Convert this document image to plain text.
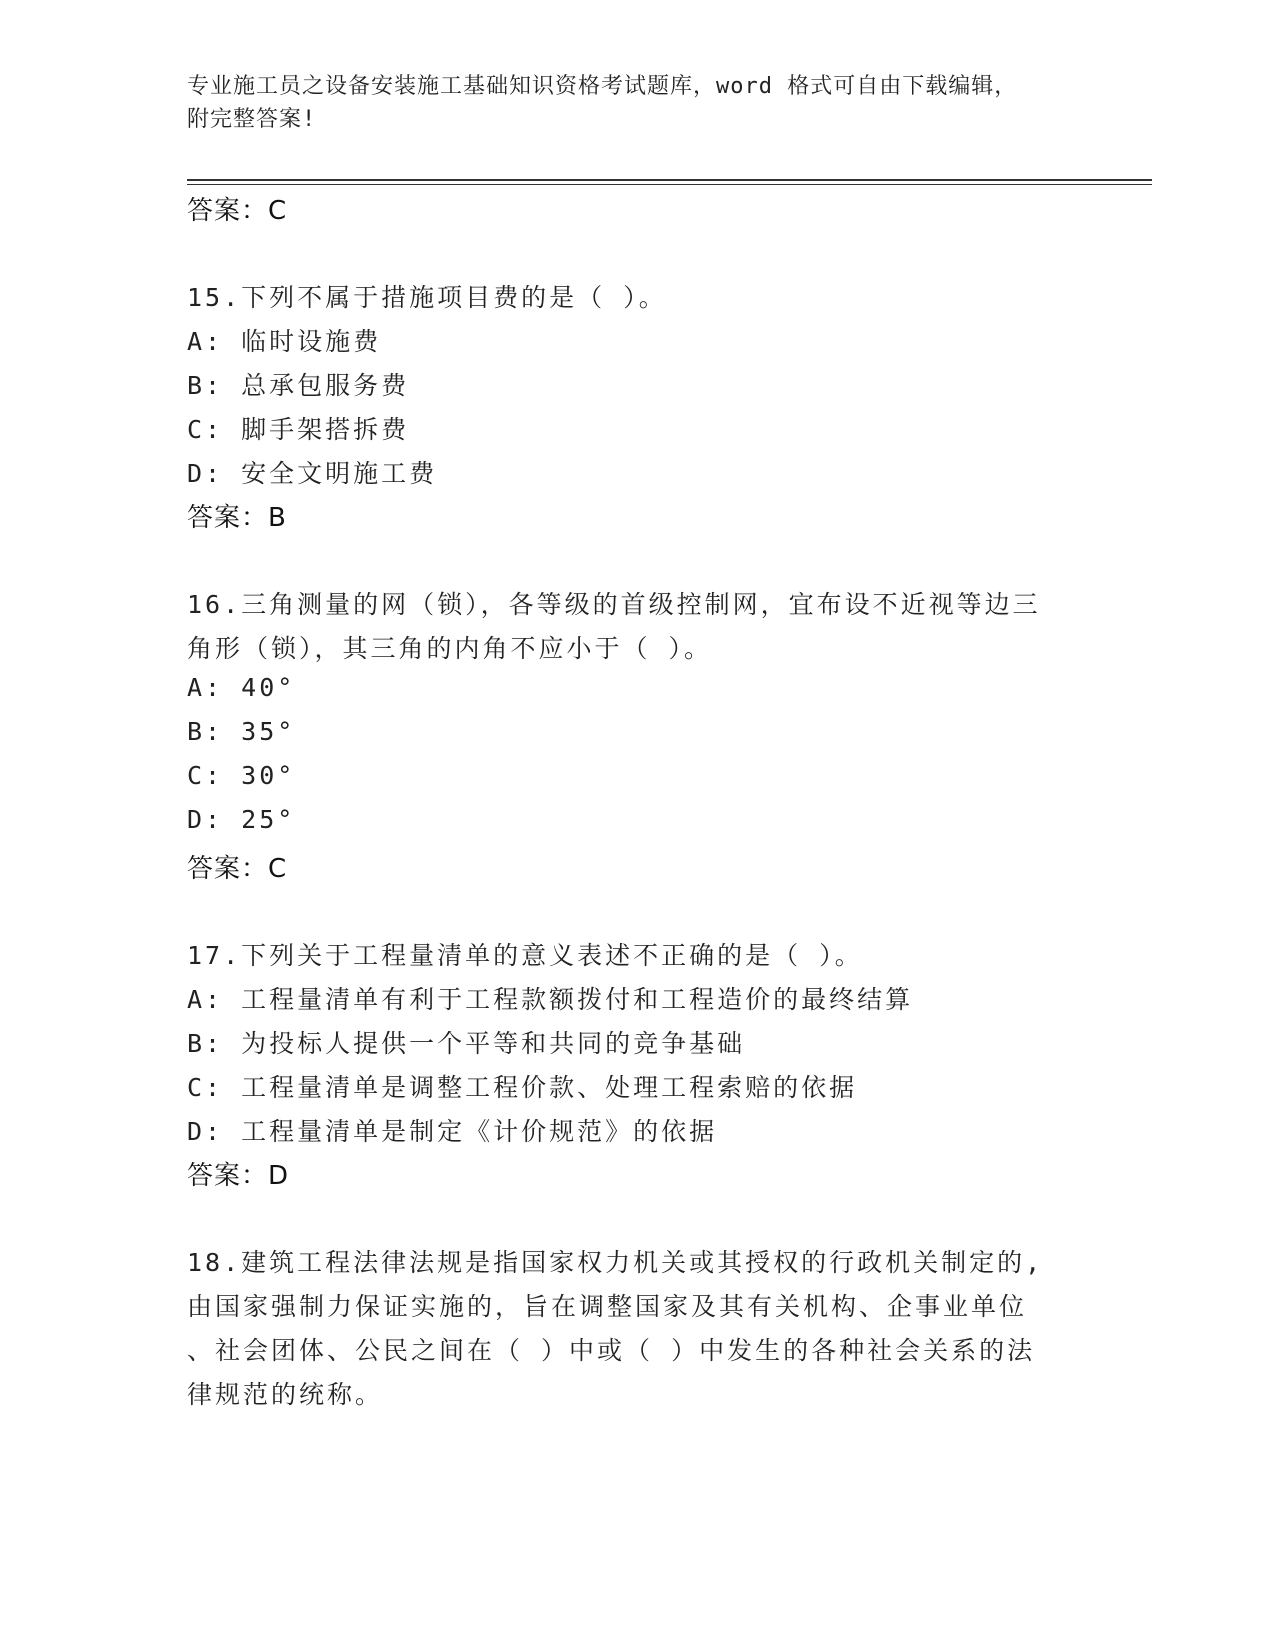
专业施工员之设备安装施工基础知识资格考试题库，word 格式可自由下载编辑，
附完整答案!
答案：C
15.下列不属于措施项目费的是（ ）。
A: 临时设施费
B: 总承包服务费
C: 脚手架搭拆费
D: 安全文明施工费
答案：B
16.三角测量的网（锁），各等级的首级控制网，宜布设不近视等边三
角形（锁），其三角的内角不应小于（ ）。
A: 40°
B: 35°
C: 30°
D: 25°
答案：C
17.下列关于工程量清单的意义表述不正确的是（ ）。
A: 工程量清单有利于工程款额拨付和工程造价的最终结算
B: 为投标人提供一个平等和共同的竞争基础
C: 工程量清单是调整工程价款、处理工程索赔的依据
D: 工程量清单是制定《计价规范》的依据
答案：D
18.建筑工程法律法规是指国家权力机关或其授权的行政机关制定的,
由国家强制力保证实施的，旨在调整国家及其有关机构、企事业单位
、社会团体、公民之间在（ ）中或（ ）中发生的各种社会关系的法
律规范的统称。
